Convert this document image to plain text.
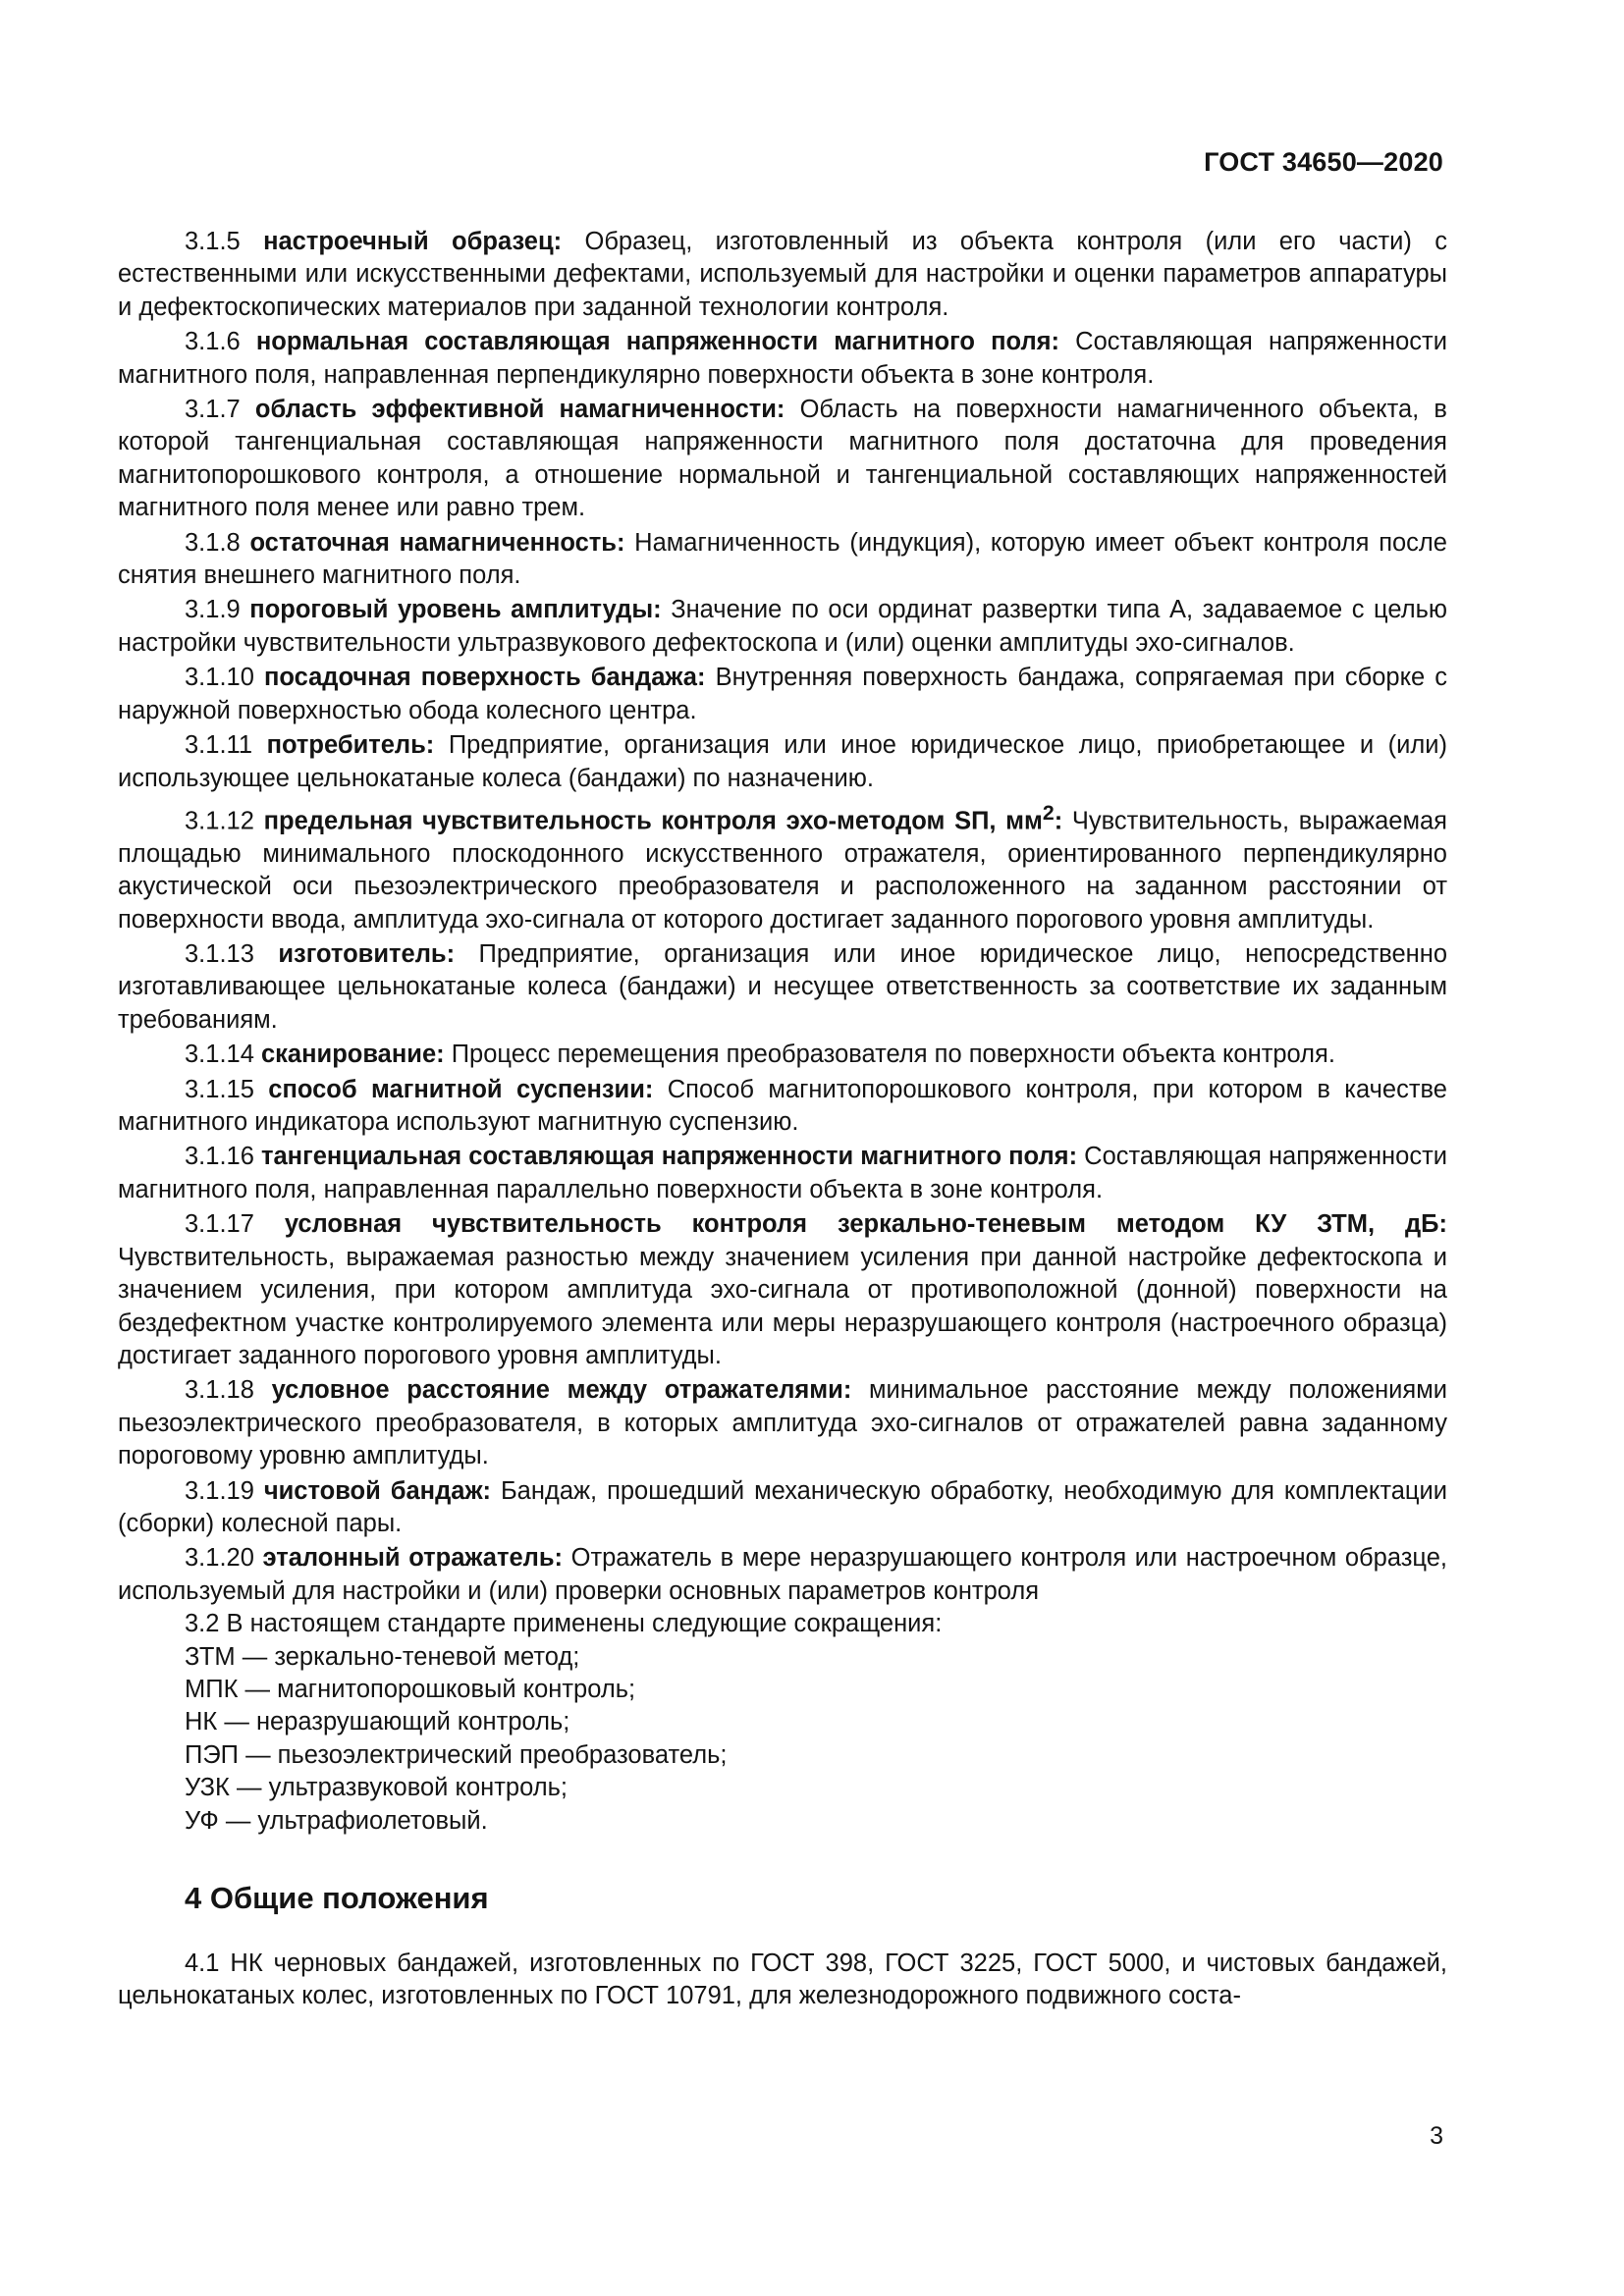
ГОСТ 34650—2020

3.1.5 настроечный образец: Образец, изготовленный из объекта контроля (или его части) с естественными или искусственными дефектами, используемый для настройки и оценки параметров аппаратуры и дефектоскопических материалов при заданной технологии контроля.

3.1.6 нормальная составляющая напряженности магнитного поля: Составляющая напряженности магнитного поля, направленная перпендикулярно поверхности объекта в зоне контроля.

3.1.7 область эффективной намагниченности: Область на поверхности намагниченного объекта, в которой тангенциальная составляющая напряженности магнитного поля достаточна для проведения магнитопорошкового контроля, а отношение нормальной и тангенциальной составляющих напряженностей магнитного поля менее или равно трем.

3.1.8 остаточная намагниченность: Намагниченность (индукция), которую имеет объект контроля после снятия внешнего магнитного поля.

3.1.9 пороговый уровень амплитуды: Значение по оси ординат развертки типа А, задаваемое с целью настройки чувствительности ультразвукового дефектоскопа и (или) оценки амплитуды эхо-сигналов.

3.1.10 посадочная поверхность бандажа: Внутренняя поверхность бандажа, сопрягаемая при сборке с наружной поверхностью обода колесного центра.

3.1.11 потребитель: Предприятие, организация или иное юридическое лицо, приобретающее и (или) использующее цельнокатаные колеса (бандажи) по назначению.

3.1.12 предельная чувствительность контроля эхо-методом SП, $мм^2$: Чувствительность, выражаемая площадью минимального плоскодонного искусственного отражателя, ориентированного перпендикулярно акустической оси пьезоэлектрического преобразователя и расположенного на заданном расстоянии от поверхности ввода, амплитуда эхо-сигнала от которого достигает заданного порогового уровня амплитуды.

3.1.13 изготовитель: Предприятие, организация или иное юридическое лицо, непосредственно изготавливающее цельнокатаные колеса (бандажи) и несущее ответственность за соответствие их заданным требованиям.

3.1.14 сканирование: Процесс перемещения преобразователя по поверхности объекта контроля.

3.1.15 способ магнитной суспензии: Способ магнитопорошкового контроля, при котором в качестве магнитного индикатора используют магнитную суспензию.

3.1.16 тангенциальная составляющая напряженности магнитного поля: Составляющая напряженности магнитного поля, направленная параллельно поверхности объекта в зоне контроля.

3.1.17 условная чувствительность контроля зеркально-теневым методом КУ ЗТМ, дБ: Чувствительность, выражаемая разностью между значением усиления при данной настройке дефектоскопа и значением усиления, при котором амплитуда эхо-сигнала от противоположной (донной) поверхности на бездефектном участке контролируемого элемента или меры неразрушающего контроля (настроечного образца) достигает заданного порогового уровня амплитуды.

3.1.18 условное расстояние между отражателями: минимальное расстояние между положениями пьезоэлектрического преобразователя, в которых амплитуда эхо-сигналов от отражателей равна заданному пороговому уровню амплитуды.

3.1.19 чистовой бандаж: Бандаж, прошедший механическую обработку, необходимую для комплектации (сборки) колесной пары.

3.1.20 эталонный отражатель: Отражатель в мере неразрушающего контроля или настроечном образце, используемый для настройки и (или) проверки основных параметров контроля

3.2 В настоящем стандарте применены следующие сокращения:

ЗТМ — зеркально-теневой метод;
МПК — магнитопорошковый контроль;
НК — неразрушающий контроль;
ПЭП — пьезоэлектрический преобразователь;
УЗК — ультразвуковой контроль;
УФ — ультрафиолетовый.
4 Общие положения

4.1 НК черновых бандажей, изготовленных по ГОСТ 398, ГОСТ 3225, ГОСТ 5000, и чистовых бандажей, цельнокатаных колес, изготовленных по ГОСТ 10791, для железнодорожного подвижного соста-

3
